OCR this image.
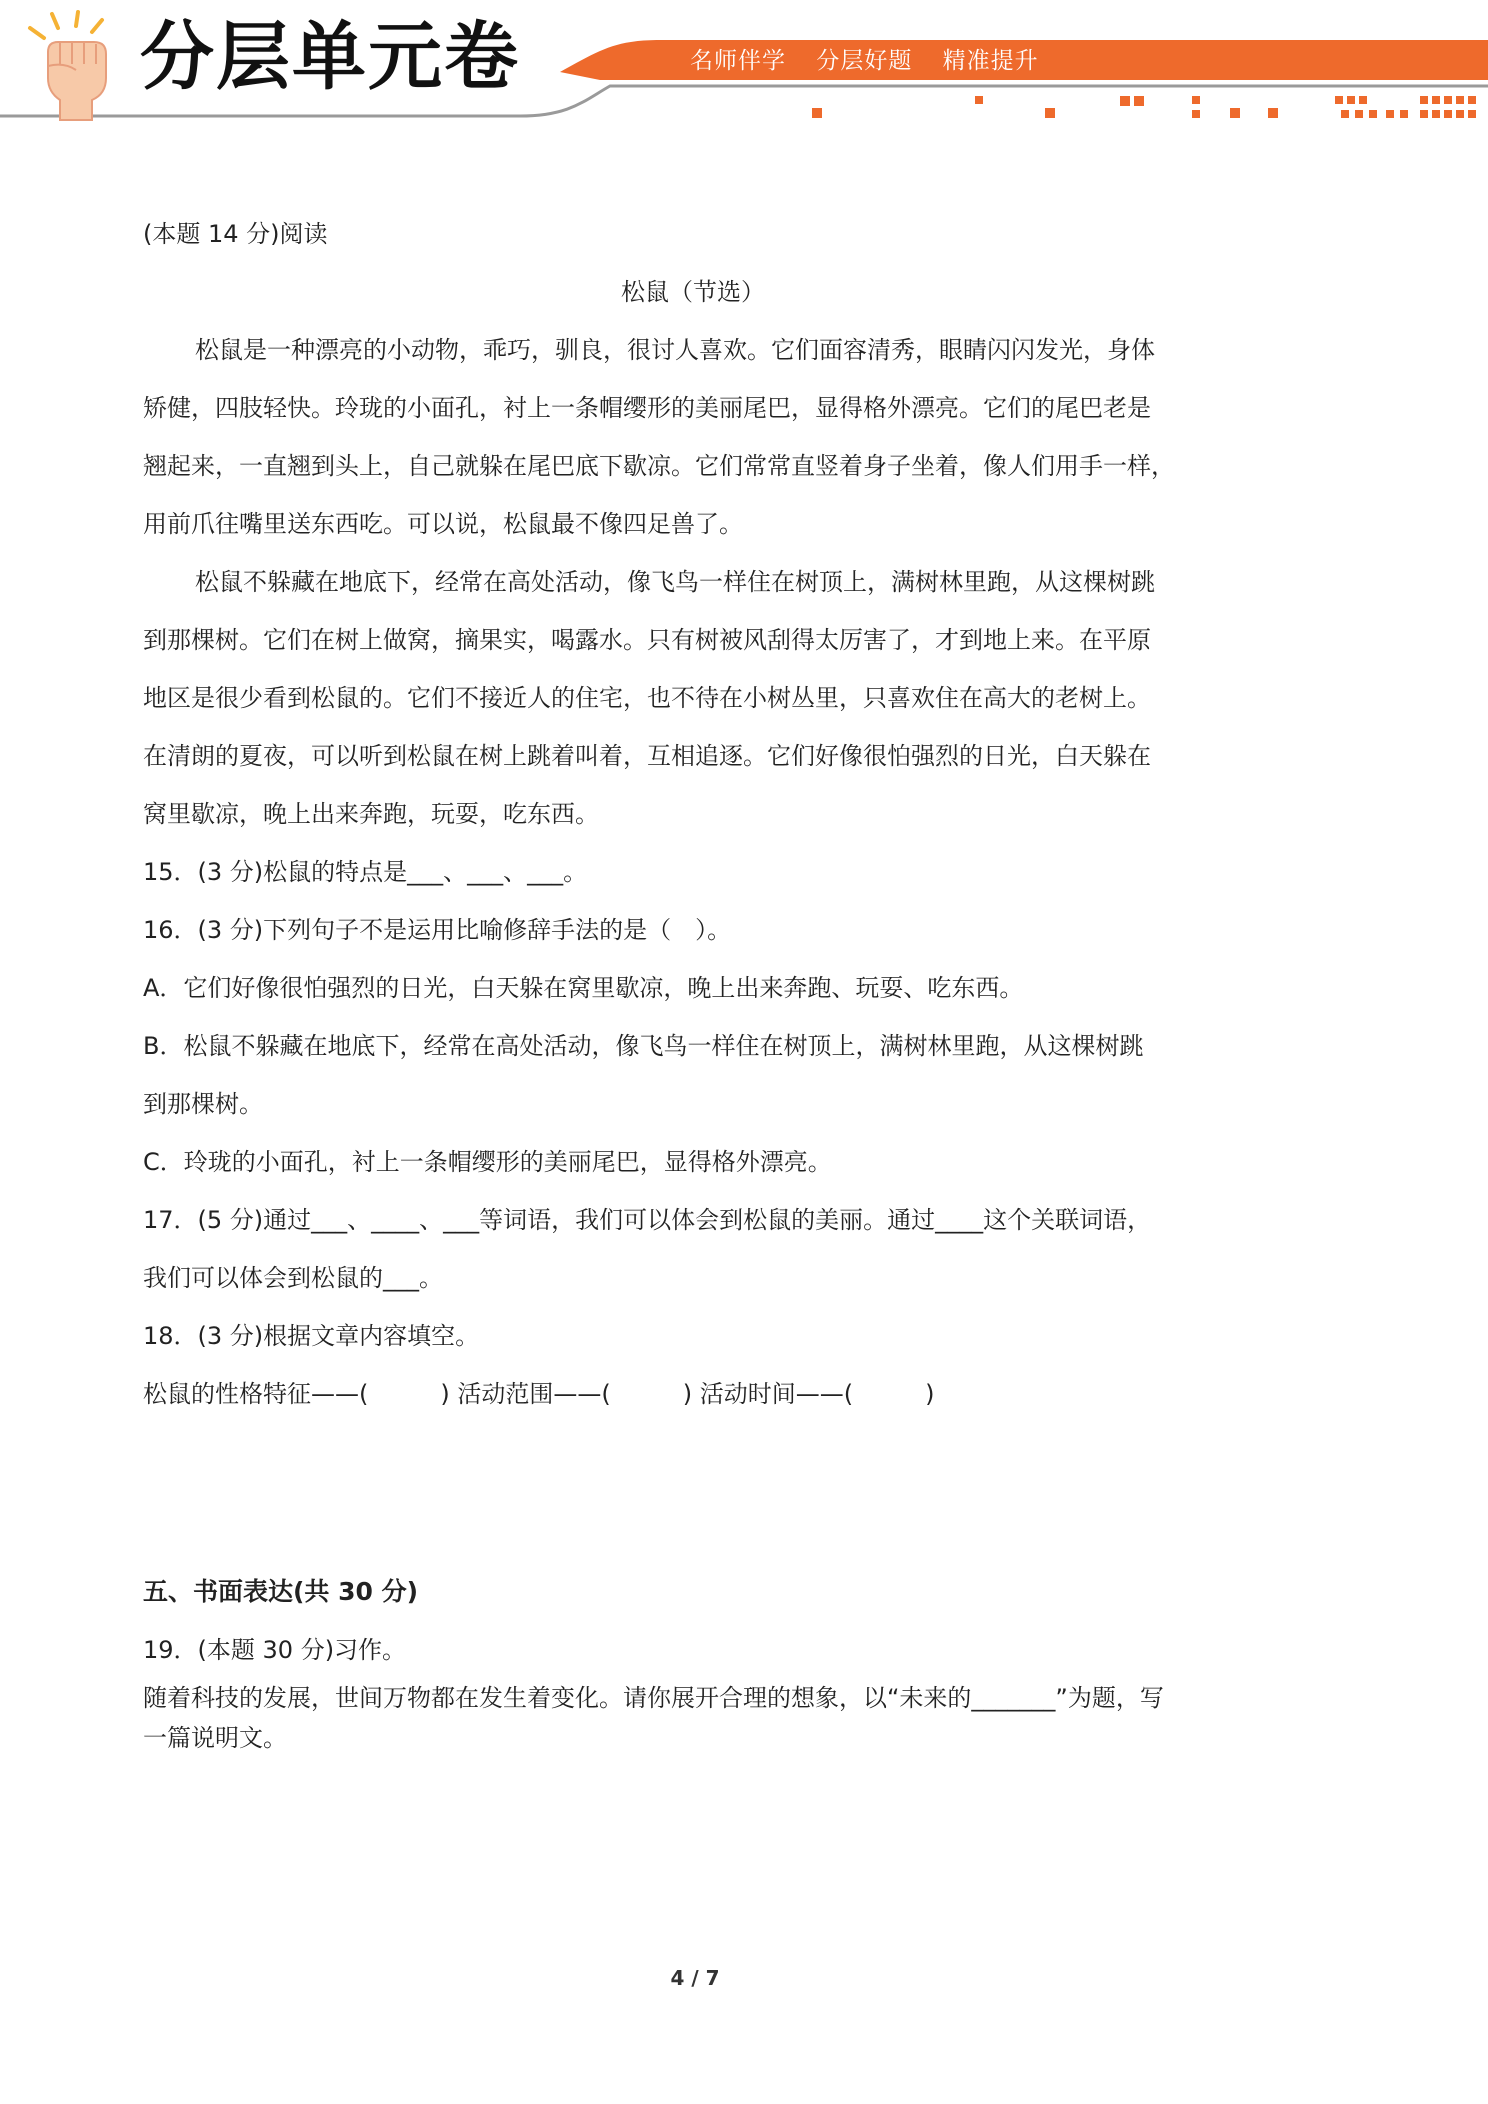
分层单元卷	名师伴学 分层好题 精准提升
(本题 14 分)阅读
松鼠（节选）
松鼠是一种漂亮的小动物，乖巧，驯良，很讨人喜欢。它们面容清秀，眼睛闪闪发光，身体
矫健，四肢轻快。玲珑的小面孔，衬上一条帽缨形的美丽尾巴，显得格外漂亮。它们的尾巴老是
翘起来，一直翘到头上，自己就躲在尾巴底下歇凉。它们常常直竖着身子坐着，像人们用手一样，
用前爪往嘴里送东西吃。可以说，松鼠最不像四足兽了。
松鼠不躲藏在地底下，经常在高处活动，像飞鸟一样住在树顶上，满树林里跑，从这棵树跳
到那棵树。它们在树上做窝，摘果实，喝露水。只有树被风刮得太厉害了，才到地上来。在平原
地区是很少看到松鼠的。它们不接近人的住宅，也不待在小树丛里，只喜欢住在高大的老树上。
在清朗的夏夜，可以听到松鼠在树上跳着叫着，互相追逐。它们好像很怕强烈的日光，白天躲在
窝里歇凉，晚上出来奔跑，玩耍，吃东西。
15．(3 分)松鼠的特点是___、___、___。
16．(3 分)下列句子不是运用比喻修辞手法的是（　）。
A．它们好像很怕强烈的日光，白天躲在窝里歇凉，晚上出来奔跑、玩耍、吃东西。
B．松鼠不躲藏在地底下，经常在高处活动，像飞鸟一样住在树顶上，满树林里跑，从这棵树跳
到那棵树。
C．玲珑的小面孔，衬上一条帽缨形的美丽尾巴，显得格外漂亮。
17．(5 分)通过___、____、___等词语，我们可以体会到松鼠的美丽。通过____这个关联词语，
我们可以体会到松鼠的___。
18．(3 分)根据文章内容填空。
松鼠的性格特征——(　　　) 活动范围——(　　　) 活动时间——(　　　)
五、书面表达(共 30 分)
19．(本题 30 分)习作。
随着科技的发展，世间万物都在发生着变化。请你展开合理的想象，以“未来的_______”为题，写
一篇说明文。
4 / 7
